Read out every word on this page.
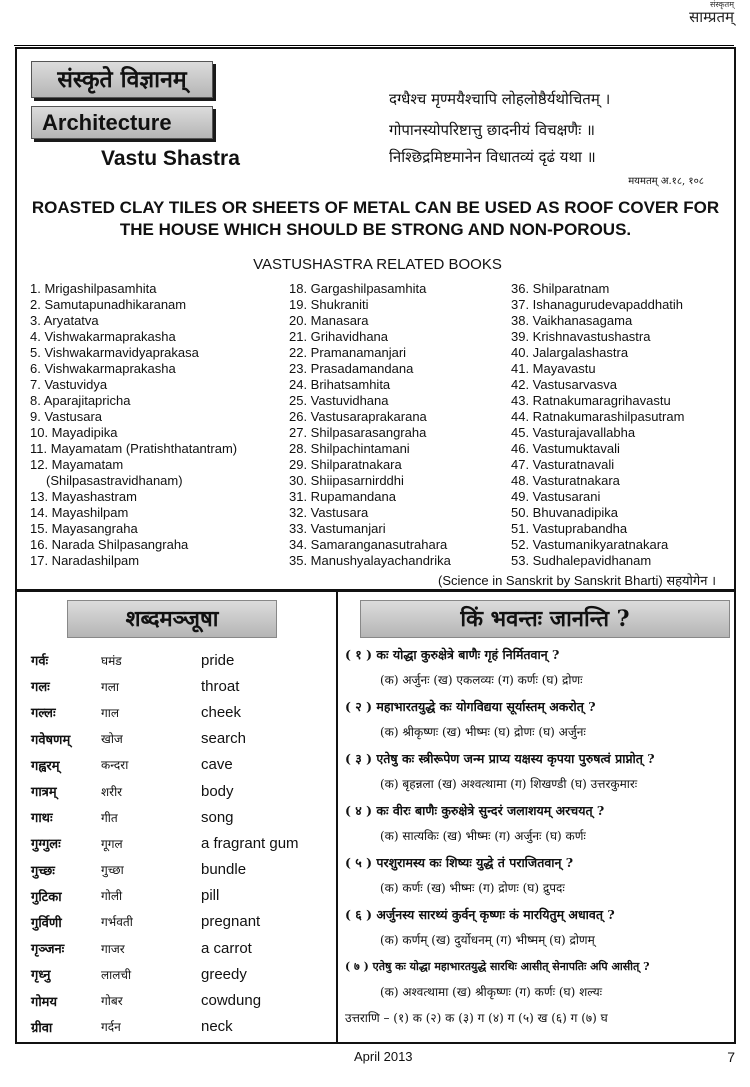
संस्कृतम्
साम्प्रतम्
संस्कृते विज्ञानम्
Architecture
Vastu Shastra
दग्धैश्च मृण्मयैश्चापि लोहलोष्ठैर्यथोचितम् ।
गोपानस्योपरिष्टात्तु छादनीयं विचक्षणैः ॥
निश्छिद्रमिष्टमानेन विधातव्यं दृढं यथा ॥
मयमतम् अ.१८, १०८
ROASTED CLAY TILES OR SHEETS OF METAL CAN BE USED AS ROOF COVER FOR THE HOUSE WHICH SHOULD BE STRONG AND NON-POROUS.
VASTUSHASTRA RELATED BOOKS
1. Mrigashilpasamhita
2. Samutapunadhikaranam
3. Aryatatva
4. Vishwakarmaprakasha
5. Vishwakarmavidyaprakasa
6. Vishwakarmaprakasha
7. Vastuvidya
8. Aparajitapricha
9. Vastusara
10. Mayadipika
11. Mayamatam (Pratishthatantram)
12. Mayamatam
(Shilpasastravidhanam)
13. Mayashastram
14. Mayashilpam
15. Mayasangraha
16. Narada Shilpasangraha
17. Naradashilpam
18. Gargashilpasamhita
19. Shukraniti
20. Manasara
21. Grihavidhana
22. Pramanamanjari
23. Prasadamandana
24. Brihatsamhita
25. Vastuvidhana
26. Vastusaraprakarana
27. Shilpasarasangraha
28. Shilpachintamani
29. Shilparatnakara
30. Shiipasarnirddhi
31. Rupamandana
32. Vastusara
33. Vastumanjari
34. Samaranganasutrahara
35. Manushyalayachandrika
36. Shilparatnam
37. Ishanagurudevapaddhatih
38. Vaikhanasagama
39. Krishnavastushastra
40. Jalargalashastra
41. Mayavastu
42. Vastusarvasva
43. Ratnakumaragrihavastu
44. Ratnakumarashilpasutram
45. Vasturajavallabha
46. Vastumuktavali
47. Vasturatnavali
48. Vasturatnakara
49. Vastusarani
50. Bhuvanadipika
51. Vastuprabandha
52. Vastumanikyaratnakara
53. Sudhalepavidhanam
(Science in Sanskrit by Sanskrit Bharti) सहयोगेन ।
शब्दमञ्जूषा
गर्वः	घमंड	pride
गलः	गला	throat
गल्लः	गाल	cheek
गवेषणम्	खोज	search
गह्वरम्	कन्दरा	cave
गात्रम्	शरीर	body
गाथः	गीत	song
गुग्गुलः	गूगल	a fragrant gum
गुच्छः	गुच्छा	bundle
गुटिका	गोली	pill
गुर्विणी	गर्भवती	pregnant
गृञ्जनः	गाजर	a carrot
गृध्नु	लालची	greedy
गोमय	गोबर	cowdung
ग्रीवा	गर्दन	neck
किं भवन्तः जानन्ति ?
( १ ) कः योद्धा कुरुक्षेत्रे बाणैः गृहं निर्मितवान् ?
(क) अर्जुनः (ख) एकलव्यः (ग) कर्णः (घ) द्रोणः
( २ ) महाभारतयुद्धे कः योगविद्यया सूर्यास्तम् अकरोत् ?
(क) श्रीकृष्णः (ख) भीष्मः (घ) द्रोणः (घ) अर्जुनः
( ३ ) एतेषु कः स्त्रीरूपेण जन्म प्राप्य यक्षस्य कृपया पुरुषत्वं प्राप्नोत् ?
(क) बृहन्नला (ख) अश्वत्थामा (ग) शिखण्डी (घ) उत्तरकुमारः
( ४ ) कः वीरः बाणैः कुरुक्षेत्रे सुन्दरं जलाशयम् अरचयत् ?
(क) सात्यकिः (ख) भीष्मः (ग) अर्जुनः (घ) कर्णः
( ५ ) परशुरामस्य कः शिष्यः युद्धे तं पराजितवान् ?
(क) कर्णः (ख) भीष्मः (ग) द्रोणः (घ) द्रुपदः
( ६ ) अर्जुनस्य सारथ्यं कुर्वन् कृष्णः कं मारयितुम् अधावत् ?
(क) कर्णम् (ख) दुर्योधनम् (ग) भीष्मम् (घ) द्रोणम्
( ७ ) एतेषु कः योद्धा महाभारतयुद्धे सारथिः आसीत् सेनापतिः अपि आसीत् ?
(क) अश्वत्थामा (ख) श्रीकृष्णः (ग) कर्णः (घ) शल्यः
उत्तराणि – (१) क (२) क (३) ग (४) ग (५) ख (६) ग (७) घ
April 2013	7
